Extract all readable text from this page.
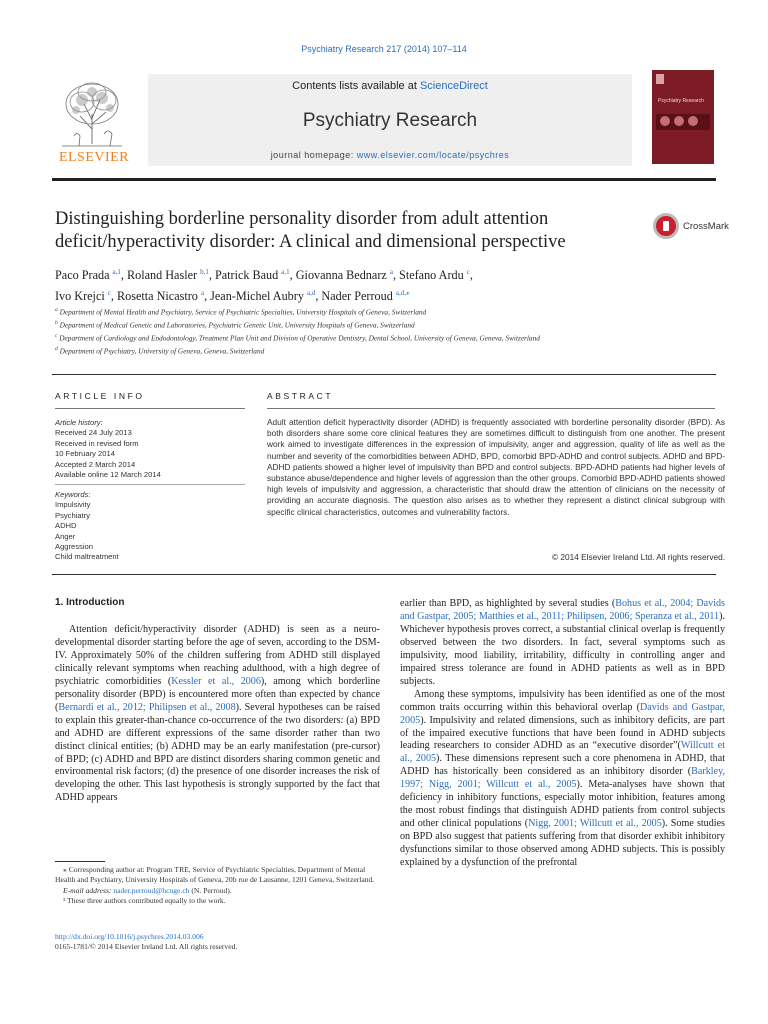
Psychiatry Research 217 (2014) 107–114
ELSEVIER
Contents lists available at ScienceDirect
Psychiatry Research
journal homepage: www.elsevier.com/locate/psychres
Psychiatry Research
Distinguishing borderline personality disorder from adult attention deficit/hyperactivity disorder: A clinical and dimensional perspective
CrossMark
Paco Prada $^{a,1}$, Roland Hasler $^{b,1}$, Patrick Baud $^{a,1}$, Giovanna Bednarz $^a$, Stefano Ardu $^c$,
Ivo Krejci $^c$, Rosetta Nicastro $^a$, Jean-Michel Aubry $^{a,d}$, Nader Perroud $^{a,d,⁎}$
$^a$ Department of Mental Health and Psychiatry, Service of Psychiatric Specialties, University Hospitals of Geneva, Switzerland
$^b$ Department of Medical Genetic and Laboratories, Psychiatric Genetic Unit, University Hospitals of Geneva, Switzerland
$^c$ Department of Cardiology and Endodontology, Treatment Plan Unit and Division of Operative Dentistry, Dental School, University of Geneva, Geneva, Switzerland
$^d$ Department of Psychiatry, University of Geneva, Geneva, Switzerland
ARTICLE INFO
Article history:
Received 24 July 2013
Received in revised form
10 February 2014
Accepted 2 March 2014
Available online 12 March 2014
Keywords:
Impulsivity
Psychiatry
ADHD
Anger
Aggression
Child maltreatment
ABSTRACT
Adult attention deficit hyperactivity disorder (ADHD) is frequently associated with borderline personality disorder (BPD). As both disorders share some core clinical features they are sometimes difficult to distinguish from one another. The present work aimed to investigate differences in the expression of impulsivity, anger and aggression, quality of life as well as the number and severity of the comorbidities between ADHD, BPD, comorbid BPD-ADHD and control subjects. ADHD and BPD-ADHD patients showed a higher level of impulsivity than BPD and control subjects. BPD-ADHD patients had higher levels of substance abuse/dependence and higher levels of aggression than the other groups. Comorbid BPD-ADHD patients showed high levels of impulsivity and aggression, a characteristic that should draw the attention of clinicians on the necessity of providing an accurate diagnosis. The question also arises as to whether they represent a distinct clinical subgroup with specific clinical characteristics, outcomes and vulnerability factors.
© 2014 Elsevier Ireland Ltd. All rights reserved.
1. Introduction

Attention deficit/hyperactivity disorder (ADHD) is seen as a neuro-developmental disorder starting before the age of seven, according to the DSM-IV. Approximately 50% of the children suffering from ADHD still displayed clinically relevant symptoms when reaching adulthood, with a high degree of psychiatric comorbidities (Kessler et al., 2006), among which borderline personality disorder (BPD) is encountered more often than expected by chance (Bernardi et al., 2012; Philipsen et al., 2008). Several hypotheses can be raised to explain this greater-than-chance co-occurrence of the two disorders: (a) BPD and ADHD are different expressions of the same disorder rather than two distinct clinical entities; (b) ADHD may be an early manifestation (pre-cursor) of BPD; (c) ADHD and BPD are distinct disorders sharing common genetic and environmental risk factors; (d) the presence of one disorder increases the risk of developing the other. This last hypothesis is strongly supported by the fact that ADHD appears

⁎ Corresponding author at: Program TRE, Service of Psychiatric Specialties, Department of Mental Health and Psychiatry, University Hospitals of Geneva, 20b rue de Lausanne, 1201 Geneva, Switzerland.

E-mail address: nader.perroud@hcuge.ch (N. Perroud).

¹ These three authors contributed equally to the work.

http://dx.doi.org/10.1016/j.psychres.2014.03.006
0165-1781/© 2014 Elsevier Ireland Ltd. All rights reserved.

earlier than BPD, as highlighted by several studies (Bohus et al., 2004; Davids and Gastpar, 2005; Matthies et al., 2011; Philipsen, 2006; Speranza et al., 2011). Whichever hypothesis proves correct, a substantial clinical overlap is frequently observed between the two disorders. In fact, several symptoms such as impulsivity, mood liability, irritability, difficulty in controlling anger and impaired stress tolerance are found in ADHD patients as well as in BPD subjects.

Among these symptoms, impulsivity has been identified as one of the most common traits occurring within this behavioral overlap (Davids and Gastpar, 2005). Impulsivity and related dimensions, such as inhibitory deficits, are part of the impaired executive functions that have been found in ADHD subjects leading researchers to consider ADHD as an “executive disorder”(Willcutt et al., 2005). These dimensions represent such a core phenomena in ADHD, that ADHD has historically been considered as an inhibitory disorder (Barkley, 1997; Nigg, 2001; Willcutt et al., 2005). Meta-analyses have shown that deficiency in inhibitory functions, especially motor inhibition, features among the most robust findings that distinguish ADHD patients from control subjects and other clinical populations (Nigg, 2001; Willcutt et al., 2005). Some studies on BPD also suggest that patients suffering from that disorder exhibit inhibitory dysfunctions similar to those observed among ADHD subjects. This is possibly explained by a dysfunction of the prefrontal
